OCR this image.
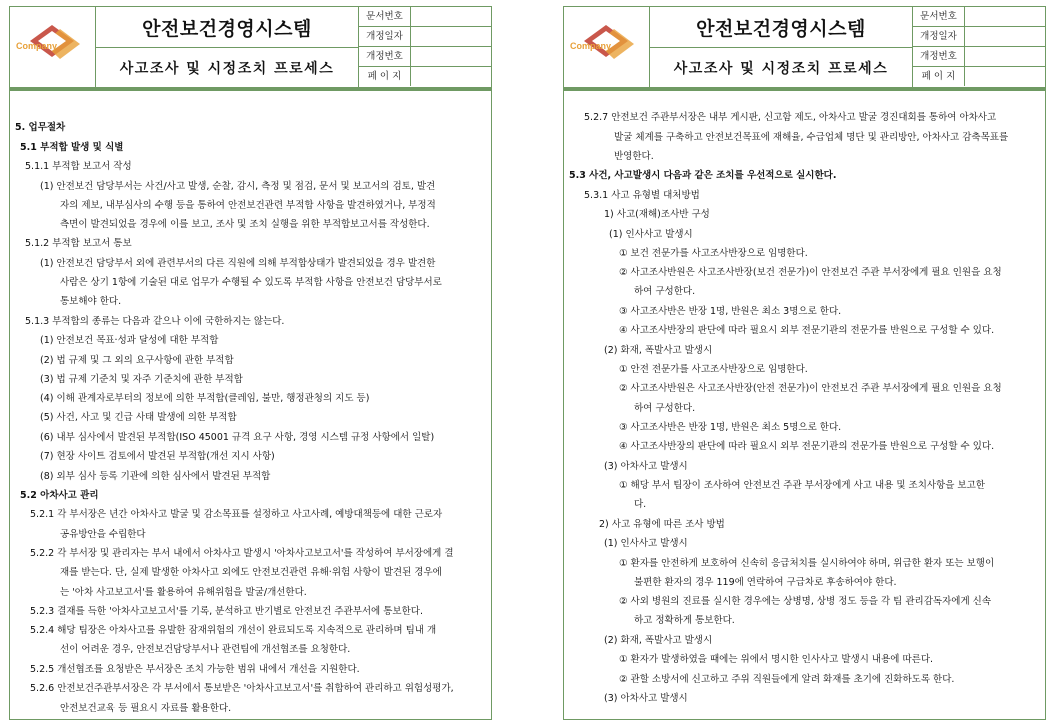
Company
안전보건경영시스템
사고조사 및 시정조치 프로세스
문서번호
개정일자
개정번호
페 이 지
5. 업무절차
5.1 부적합 발생 및 식별
5.1.1 부적합 보고서 작성
(1) 안전보건 담당부서는 사건/사고 발생, 순찰, 감시, 측정 및 점검, 문서 및 보고서의 검토, 발견
자의 제보, 내부심사의 수행 등을 통하여 안전보건관련 부적합 사항을 발견하였거나, 부정적
측면이 발견되었을 경우에 이를 보고, 조사 및 조치 실행을 위한 부적합보고서를 작성한다.
5.1.2 부적합 보고서 통보
(1) 안전보건 담당부서 외에 관련부서의 다른 직원에 의해 부적합상태가 발견되었을 경우 발견한
사람은 상기 1항에 기술된 대로 업무가 수행될 수 있도록 부적합 사항을 안전보건 담당부서로
통보해야 한다.
5.1.3 부적합의 종류는 다음과 같으나 이에 국한하지는 않는다.
(1) 안전보건 목표·성과 달성에 대한 부적합
(2) 법 규제 및 그 외의 요구사항에 관한 부적합
(3) 법 규제 기준치 및 자주 기준치에 관한 부적합
(4) 이해 관계자로부터의 정보에 의한 부적합(클레임, 불만, 행정관청의 지도 등)
(5) 사건, 사고 및 긴급 사태 발생에 의한 부적합
(6) 내부 심사에서 발견된 부적합(ISO 45001 규격 요구 사항, 경영 시스템 규정 사항에서 일탈)
(7) 현장 사이트 검토에서 발견된 부적합(개선 지시 사항)
(8) 외부 심사 등록 기관에 의한 심사에서 발견된 부적합
5.2 아차사고 관리
5.2.1 각 부서장은 년간 아차사고 발굴 및 감소목표를 설정하고 사고사례, 예방대책등에 대한 근로자
공유방안을 수립한다
5.2.2 각 부서장 및 관리자는 부서 내에서 아차사고 발생시 '아차사고보고서'를 작성하여 부서장에게 결
재를 받는다. 단, 실제 발생한 아차사고 외에도 안전보건관련 유해·위험 사항이 발견된 경우에
는 '아차 사고보고서'를 활용하여 유해위험을 발굴/개선한다.
5.2.3 결재를 득한 '아차사고보고서'를 기록, 분석하고 반기별로 안전보건 주관부서에 통보한다.
5.2.4 해당 팀장은 아차사고를 유발한 잠재위험의 개선이 완료되도록 지속적으로 관리하며 팀내 개
선이 어려운 경우, 안전보건담당부서나 관련팀에 개선협조를 요청한다.
5.2.5 개선협조를 요청받은 부서장은 조치 가능한 범위 내에서 개선을 지원한다.
5.2.6 안전보건주관부서장은 각 부서에서 통보받은 '아차사고보고서'를 취합하여 관리하고 위험성평가,
안전보건교육 등 필요시 자료를 활용한다.
Company
안전보건경영시스템
사고조사 및 시정조치 프로세스
문서번호
개정일자
개정번호
페 이 지
5.2.7 안전보건 주관부서장은 내부 게시판, 신고함 제도, 아차사고 발굴 경진대회를 통하여 아차사고
발굴 체계를 구축하고 안전보건목표에 재해율, 수급업체 명단 및 관리방안, 아차사고 감축목표를
반영한다.
5.3 사건, 사고발생시 다음과 같은 조치를 우선적으로 실시한다.
5.3.1 사고 유형별 대처방법
1) 사고(재해)조사반 구성
(1) 인사사고 발생시
① 보건 전문가를 사고조사반장으로 임명한다.
② 사고조사반원은 사고조사반장(보건 전문가)이 안전보건 주관 부서장에게 필요 인원을 요청
하여 구성한다.
③ 사고조사반은 반장 1명, 반원은 최소 3명으로 한다.
④ 사고조사반장의 판단에 따라 필요시 외부 전문기관의 전문가를 반원으로 구성할 수 있다.
(2) 화재, 폭발사고 발생시
① 안전 전문가를 사고조사반장으로 임명한다.
② 사고조사반원은 사고조사반장(안전 전문가)이 안전보건 주관 부서장에게 필요 인원을 요청
하여 구성한다.
③ 사고조사반은 반장 1명, 반원은 최소 5명으로 한다.
④ 사고조사반장의 판단에 따라 필요시 외부 전문기관의 전문가를 반원으로 구성할 수 있다.
(3) 아차사고 발생시
① 해당 부서 팀장이 조사하여 안전보건 주관 부서장에게 사고 내용 및 조치사항을 보고한
다.
2) 사고 유형에 따른 조사 방법
(1) 인사사고 발생시
① 환자를 안전하게 보호하여 신속히 응급처치를 실시하여야 하며, 위급한 환자 또는 보행이
불편한 환자의 경우 119에 연락하여 구급차로 후송하여야 한다.
② 사외 병원의 진료를 실시한 경우에는 상병명, 상병 정도 등을 각 팀 관리감독자에게 신속
하고 정확하게 통보한다.
(2) 화재, 폭발사고 발생시
① 환자가 발생하였을 때에는 위에서 명시한 인사사고 발생시 내용에 따른다.
② 관할 소방서에 신고하고 주위 직원들에게 알려 화재를 초기에 진화하도록 한다.
(3) 아차사고 발생시
